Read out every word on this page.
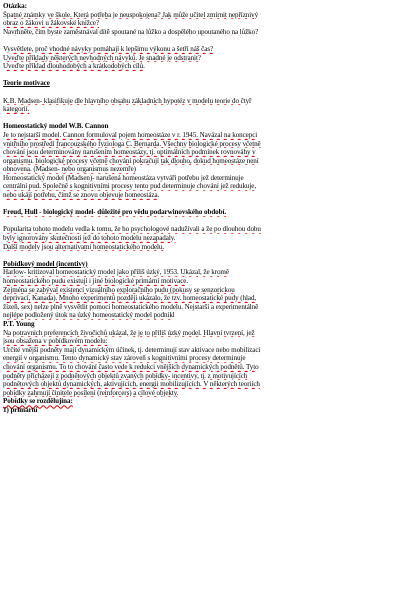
Otázka:
Špatné známky ve škole. Která potřeba je neuspokojena? Jak může učitel zmírnit nepříznivý
obraz o žákovi u žákovské knížce?
Navrhněte, čím byste zaměstnával dítě spoutané na lůžko a dospělého upoutaného na lůžko?
Vysvětlete, proč vhodné návyky pomáhají k lepšímu výkonu a šetří náš čas?
Uveďte příklady některých nevhodných návyků. Je snadné je odstranit?
Uveďte příklad dlouhodobých a krátkodobých cílů.
Teorie motivace
K.B. Madsen- klasifikuje dle hlavního obsahu základních hypotéz v modelu teorie do čtyř
kategorií.
Homeostatický model W.B. Cannon
Je to nejstarší model. Cannon formuloval pojem homeostáze v r. 1945. Navázal na koncepci
vnitřního prostředí francouzského fyziologa C. Bernarda. Všechny biologické procesy včetně
chování jsou determinovány narušením homeostázy, tj. optimálních podmínek rovnováhy v
organismu. biologické procesy včetně chování pokračují tak dlouho, dokud homeostáze není
obnovena. (Madsen- nebo organismus nezemře)
Homeostatický model (Madsen)- narušená homeostáza vytváří potřebu jež determinuje
centrální pud. Společně s kognitivními procesy tento pud determinuje chování jež redukuje,
nebo ukájí potřebu, čímž se znovu objevuje homeostáza.
Freud, Hull - biologický model- důležité pro vědu podarwinovského období.
Popularita tohoto modelu vedla k tomu, že ho psychologové nadužívali a že po dlouhou dobu
byly ignorovány skutečnosti jež do tohoto modelu nezapadaly.
Další modely jsou alternativami homeostatického modelu.
Pobídkový model (incentivy)
Harlow- kritizoval homeostatický model jako příliš úzký, 1953. Ukázal, že kromě
homeostatického pudu existují i jiné biologické primární motivace.
Zejména se zabýval existencí vizuálního exploračního pudu (pokusy se senzorickou
deprivací, Kanada). Mnoho experimentů později ukázalo, že tzv. homeostatické pudy (hlad,
žízeň, sex) nelze plně vysvětlit pomocí homeostatického modelu. Nejstarší a experimentálně
nejlépe podložený útok na úzký homeostatický model podnikl
P.T. Young
Na potravních preferencích živočichů ukázal, že je to příliš úzký model. Hlavní tvrzení, jež
jsou obsažena v pobídkovém modelu:
Určité vnější podněty mají dynamickým účinek, tj. determinují stav aktivace nebo mobilizaci
energií v organismu. Tento dynamický stav zároveň s kognitivními procesy determinuje
chování organismu. To to chování často vede k redukci vnějších dynamických podnětů. Tyto
podněty přicházejí z podnětových objektů zvaných pobídky- incentivy, tj. z motivujících
podnětových objektů dynamických, aktivujících, energii mobilizujících. V některých teoriích
pobídky zahrnují činitele posílení (reinforcers) a cílové objekty.
Pobídky se rozdělujína:
1) primární
